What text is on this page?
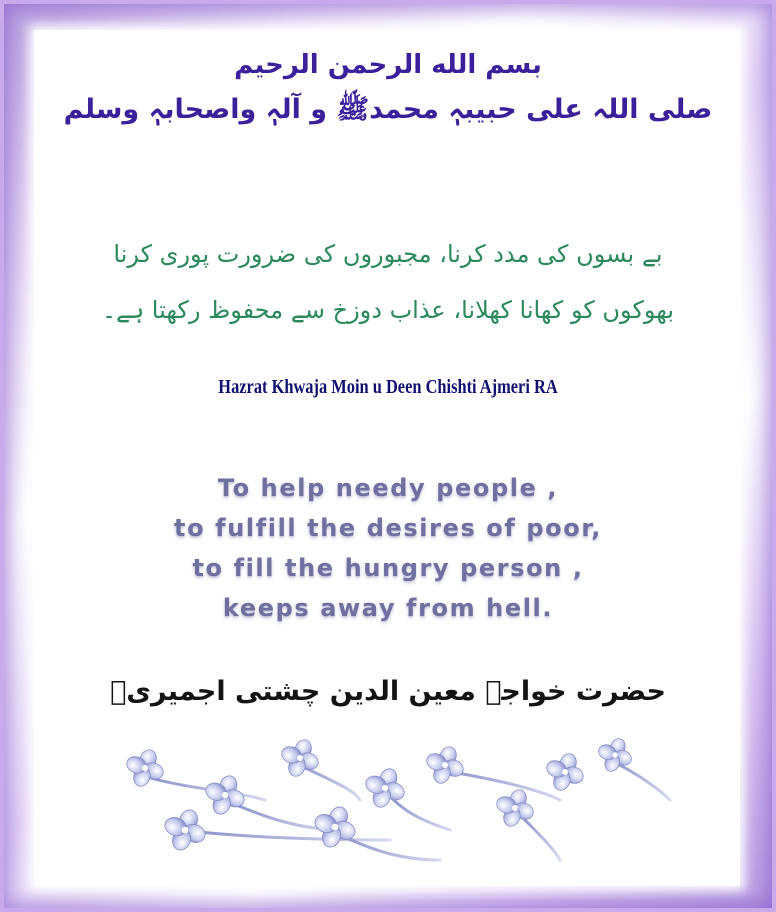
بسم الله الرحمن الرحیم
صلی اللہ علی حبیبہٖ محمدﷺ و آلہٖ واصحابہٖ وسلم
بے بسوں کی مدد کرنا، مجبوروں کی ضرورت پوری کرنا
بھوکوں کو کھانا کھلانا، عذاب دوزخ سے محفوظ رکھتا ہے۔
Hazrat Khwaja Moin u Deen Chishti Ajmeri RA
To help needy people ,
to fulfill the desires of poor,
to fill the hungry person ,
keeps away from hell.
حضرت خواجہ معین الدین چشتی اجمیریؒ
